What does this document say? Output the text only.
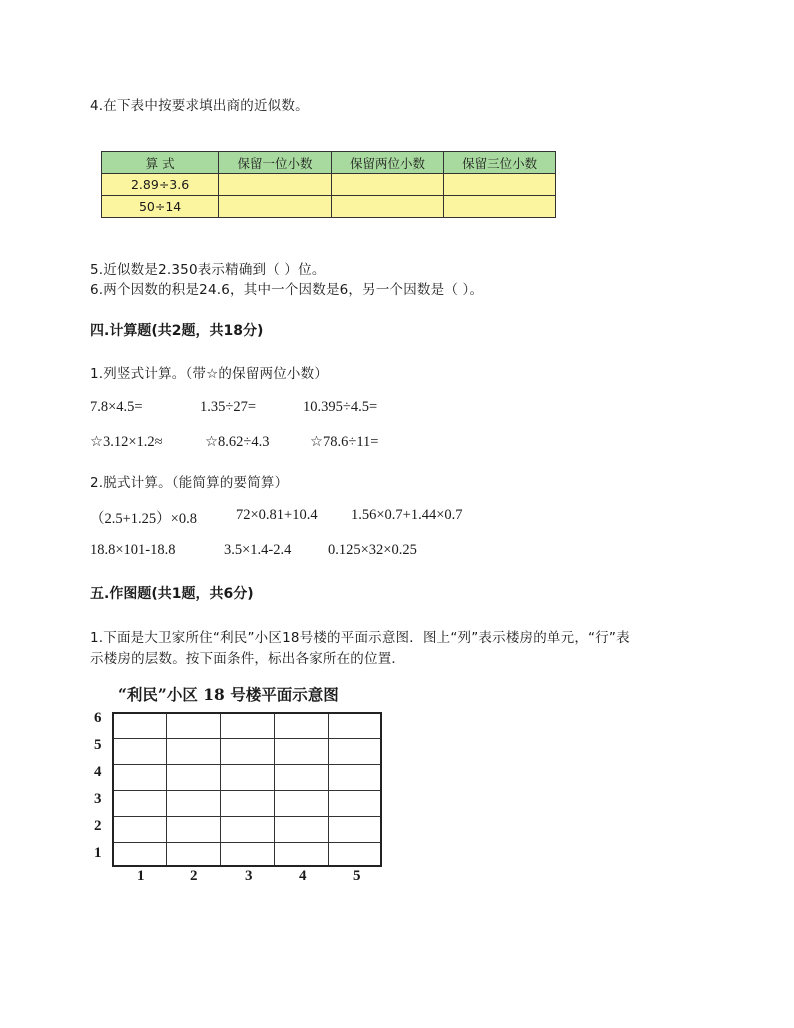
4.在下表中按要求填出商的近似数。
算 式	保留一位小数	保留两位小数	保留三位小数
2.89÷3.6			
50÷14			
5.近似数是2.350表示精确到（ ）位。
6.两个因数的积是24.6，其中一个因数是6，另一个因数是（ ）。
四.计算题(共2题，共18分)
1.列竖式计算。（带☆的保留两位小数）
7.8×4.5=	1.35÷27=	10.395÷4.5=
☆3.12×1.2≈	☆8.62÷4.3	☆78.6÷11=
2.脱式计算。（能简算的要简算）
（2.5+1.25）×0.8	72×0.81+10.4 1.56×0.7+1.44×0.7
18.8×101-18.8	3.5×1.4-2.4	0.125×32×0.25
五.作图题(共1题，共6分)
1.下面是大卫家所住“利民”小区18号楼的平面示意图．图上“列”表示楼房的单元，“行”表
示楼房的层数。按下面条件，标出各家所在的位置．
“利民”小区 18 号楼平面示意图
6
5
4
3
2
1
1	2	3	4	5
